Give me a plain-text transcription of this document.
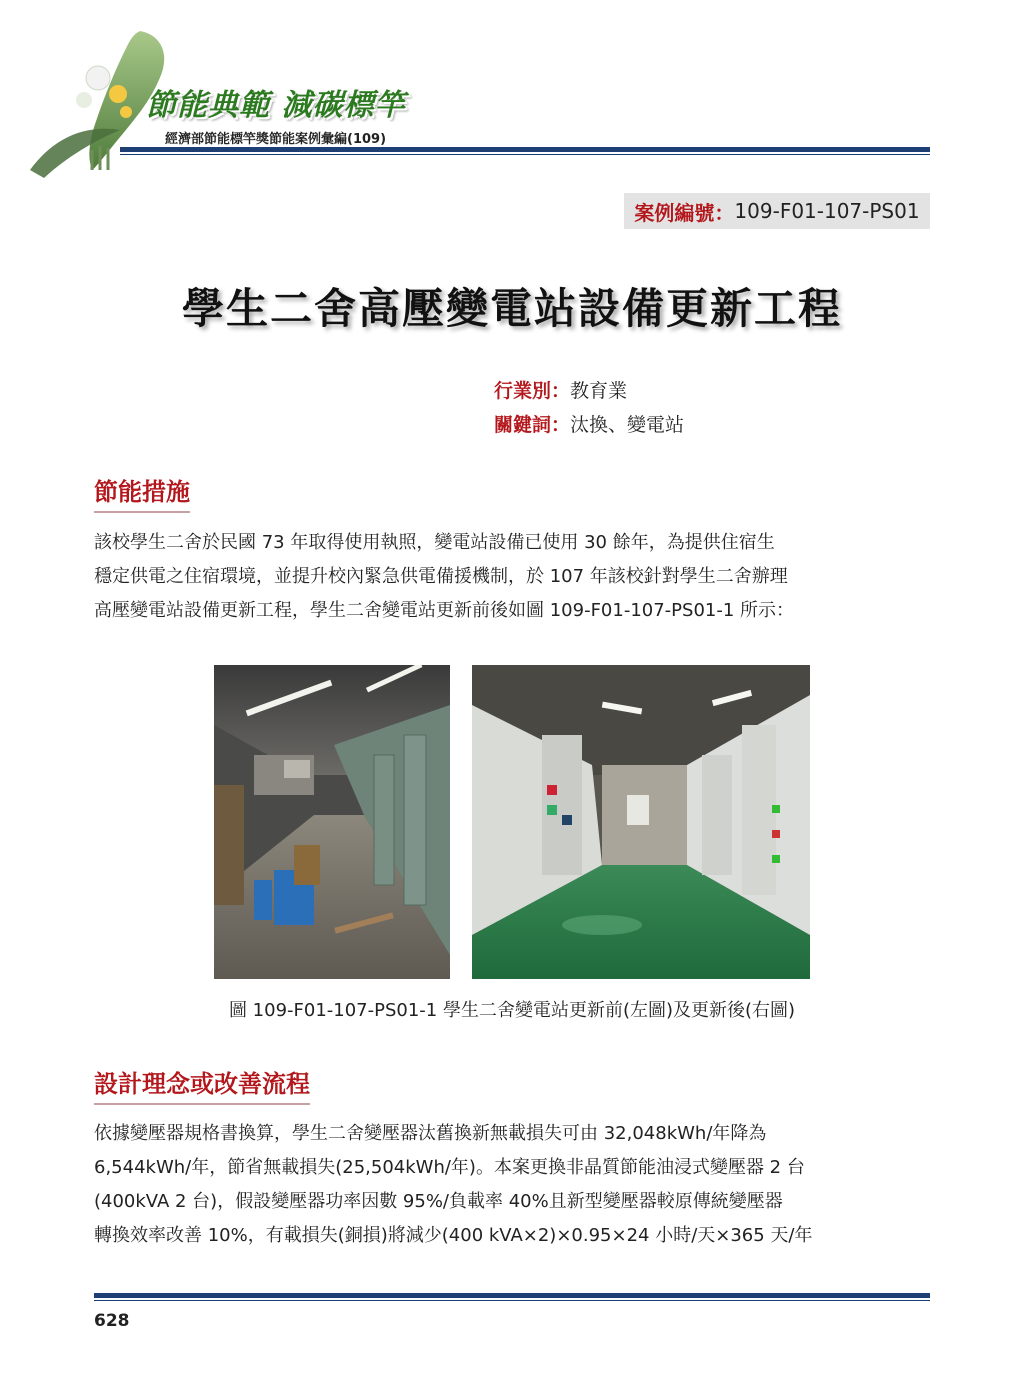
節能典範 減碳標竿
經濟部節能標竿獎節能案例彙編(109)
案例編號： 109-F01-107-PS01
學生二舍高壓變電站設備更新工程
行業別：教育業
關鍵詞：汰換、變電站
節能措施
該校學生二舍於民國 73 年取得使用執照，變電站設備已使用 30 餘年，為提供住宿生
穩定供電之住宿環境，並提升校內緊急供電備援機制，於 107 年該校針對學生二舍辦理
高壓變電站設備更新工程，學生二舍變電站更新前後如圖 109-F01-107-PS01-1 所示：
圖 109-F01-107-PS01-1 學生二舍變電站更新前(左圖)及更新後(右圖)
設計理念或改善流程
依據變壓器規格書換算，學生二舍變壓器汰舊換新無載損失可由 32,048kWh/年降為
6,544kWh/年，節省無載損失(25,504kWh/年)。本案更換非晶質節能油浸式變壓器 2 台
(400kVA 2 台)，假設變壓器功率因數 95%/負載率 40%且新型變壓器較原傳統變壓器
轉換效率改善 10%，有載損失(銅損)將減少(400 kVA×2)×0.95×24 小時/天×365 天/年
628
